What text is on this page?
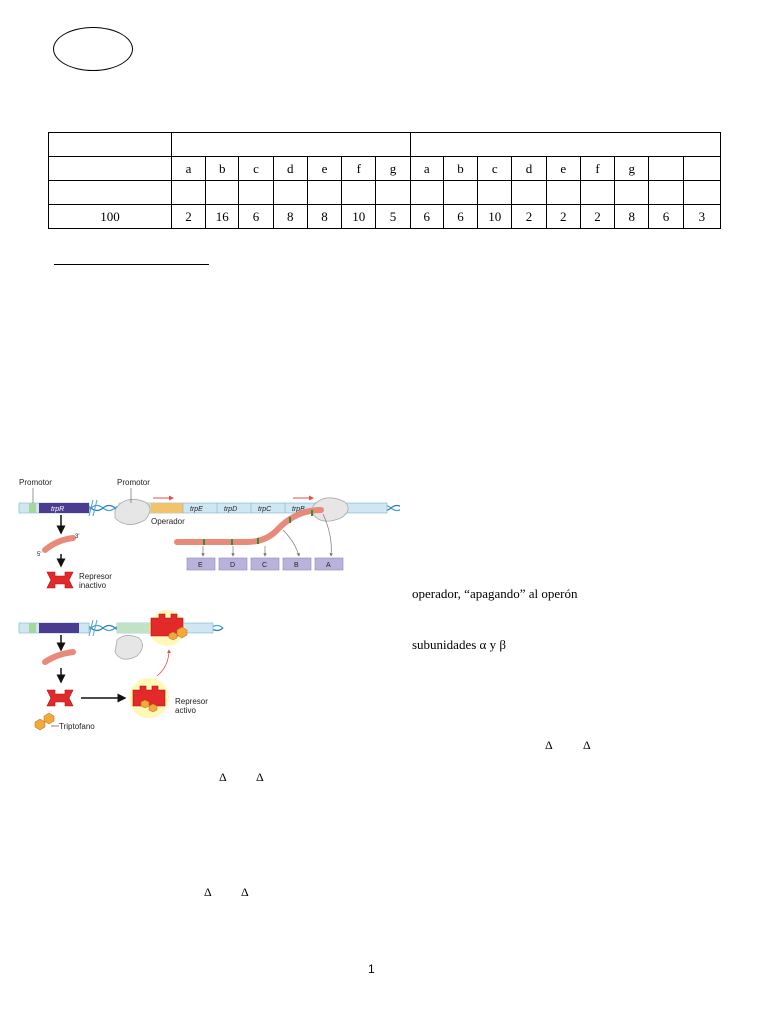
	a	b	c	d	e	f	g	a	b	c	d	e	f	g		

100	2	16	6	8	8	10	5	6	6	10	2	2	2	8	6	3
trpR	trpE	trpD	trpC	trpB
Promotor	Promotor
Operador
E	D	C	B	A
5'
3'
Represor
inactivo
Triptofano
Represor
activo
operador, “apagando” al operón
subunidades α y β
Δ	Δ
Δ Δ
Δ Δ
1
